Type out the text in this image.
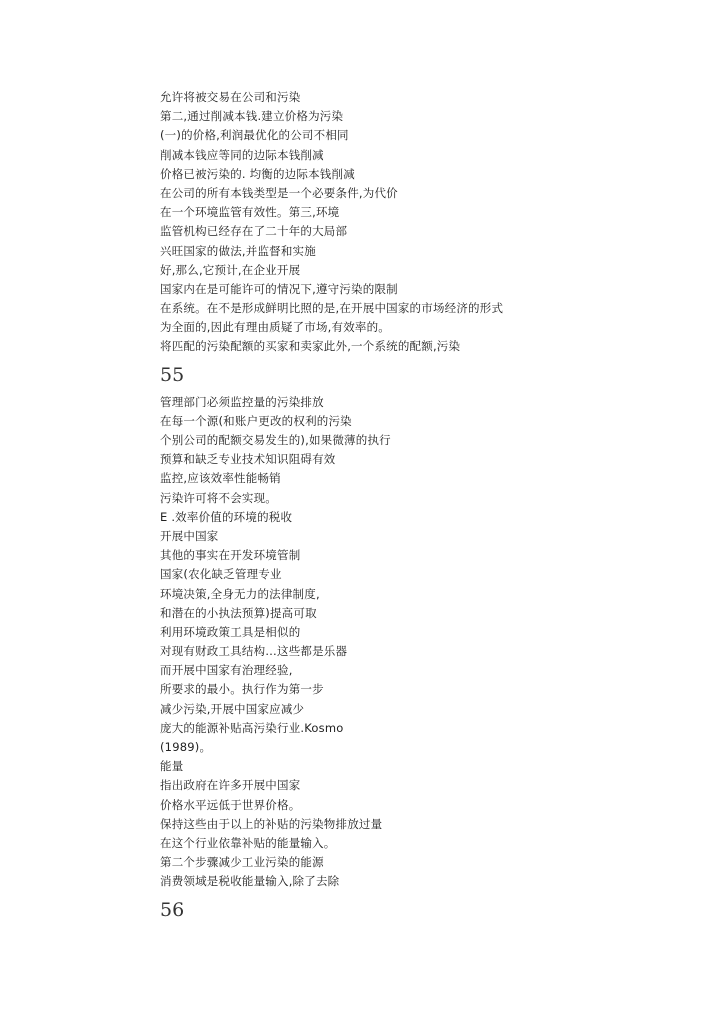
允许将被交易在公司和污染
第二,通过削减本钱.建立价格为污染
(一)的价格,利润最优化的公司不相同
削减本钱应等同的边际本钱削减
价格已被污染的. 均衡的边际本钱削减
在公司的所有本钱类型是一个必要条件,为代价
在一个环境监管有效性。第三,环境
监管机构已经存在了二十年的大局部
兴旺国家的做法,并监督和实施
好,那么,它预计,在企业开展
国家内在是可能许可的情况下,遵守污染的限制
在系统。在不是形成鲜明比照的是,在开展中国家的市场经济的形式
为全面的,因此有理由质疑了市场,有效率的。
将匹配的污染配额的买家和卖家此外,一个系统的配额,污染
55
管理部门必须监控量的污染排放
在每一个源(和账户更改的权利的污染
个别公司的配额交易发生的),如果微薄的执行
预算和缺乏专业技术知识阻碍有效
监控,应该效率性能畅销
污染许可将不会实现。
E .效率价值的环境的税收
开展中国家
其他的事实在开发环境管制
国家(农化缺乏管理专业
环境决策,全身无力的法律制度,
和潜在的小执法预算)提高可取
利用环境政策工具是相似的
对现有财政工具结构…这些都是乐器
而开展中国家有治理经验,
所要求的最小。执行作为第一步
减少污染,开展中国家应减少
庞大的能源补贴高污染行业.Kosmo
(1989)。
能量
指出政府在许多开展中国家
价格水平远低于世界价格。
保持这些由于以上的补贴的污染物排放过量
在这个行业依靠补贴的能量输入。
第二个步骤减少工业污染的能源
消费领域是税收能量输入,除了去除
56
